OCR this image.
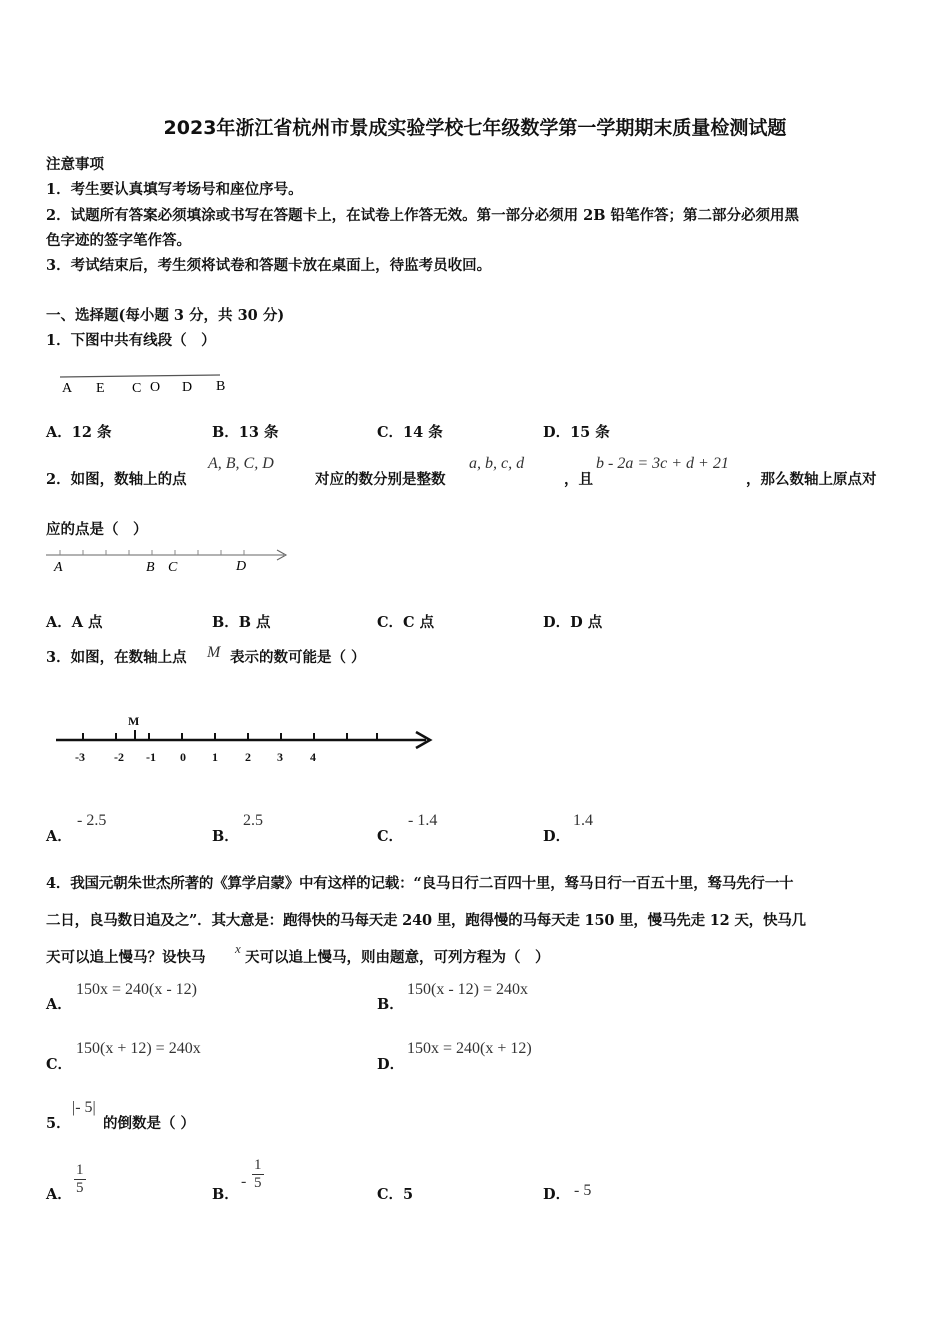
2023年浙江省杭州市景成实验学校七年级数学第一学期期末质量检测试题
注意事项
1．考生要认真填写考场号和座位序号。
2．试题所有答案必须填涂或书写在答题卡上，在试卷上作答无效。第一部分必须用 2B 铅笔作答；第二部分必须用黑
色字迹的签字笔作答。
3．考试结束后，考生须将试卷和答题卡放在桌面上，待监考员收回。
一、选择题(每小题 3 分，共 30 分)
1．下图中共有线段（　）
A E C O D B
A．12 条	B．13 条	C．14 条	D．15 条
2．如图，数轴上的点
A, B, C, D
对应的数分别是整数
a, b, c, d
，且
b - 2a = 3c + d + 21
，那么数轴上原点对
应的点是（　）
A	B C	D
A．A 点	B．B 点	C．C 点	D．D 点
3．如图，在数轴上点 M 表示的数可能是（ ）
M
-3 -2 -1 0 1 2 3 4
A．
- 2.5
B．
2.5
C．
- 1.4
D．
1.4
4．我国元朝朱世杰所著的《算学启蒙》中有这样的记载：“良马日行二百四十里，驽马日行一百五十里，驽马先行一十
二日，良马数日追及之”．其大意是：跑得快的马每天走 240 里，跑得慢的马每天走 150 里，慢马先走 12 天，快马几
天可以追上慢马？设快马
x
天可以追上慢马，则由题意，可列方程为（　）
A．
150x = 240(x - 12)
B．
150(x - 12) = 240x
C．
150(x + 12) = 240x
D．
150x = 240(x + 12)
5．
|- 5|
的倒数是（ ）
A． $\frac{1}{5}$	B．
- $\frac{1}{5}$
C．5	D． - 5
